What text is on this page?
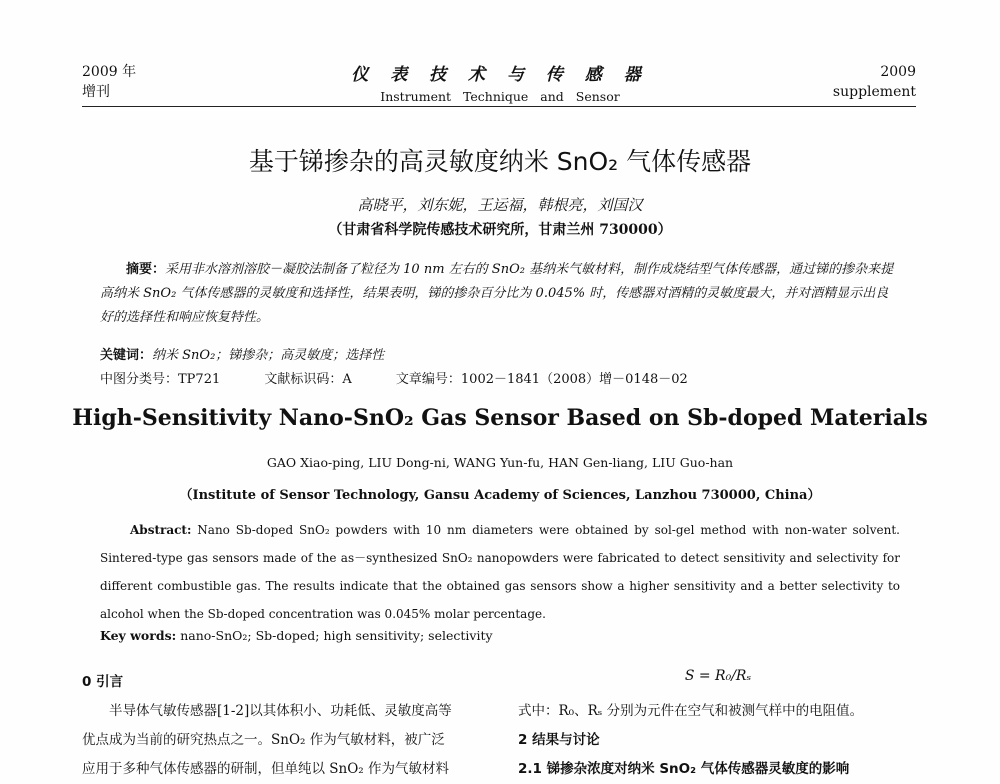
2009 年
增刊
仪 表 技 术 与 传 感 器
Instrument Technique and Sensor
2009
supplement
基于锑掺杂的高灵敏度纳米 SnO₂ 气体传感器
高晓平，刘东妮，王运福，韩根亮，刘国汉
（甘肃省科学院传感技术研究所，甘肃兰州 730000）
摘要：采用非水溶剂溶胶－凝胶法制备了粒径为 10 nm 左右的 SnO₂ 基纳米气敏材料，制作成烧结型气体传感器，通过锑的掺杂来提高纳米 SnO₂ 气体传感器的灵敏度和选择性，结果表明，锑的掺杂百分比为 0.045% 时，传感器对酒精的灵敏度最大，并对酒精显示出良好的选择性和响应恢复特性。
关键词：纳米 SnO₂；锑掺杂；高灵敏度；选择性
中图分类号：TP721	文献标识码：A	文章编号：1002－1841（2008）增－0148－02
High-Sensitivity Nano-SnO₂ Gas Sensor Based on Sb-doped Materials
GAO Xiao-ping, LIU Dong-ni, WANG Yun-fu, HAN Gen-liang, LIU Guo-han
（Institute of Sensor Technology, Gansu Academy of Sciences, Lanzhou 730000, China）
Abstract: Nano Sb-doped SnO₂ powders with 10 nm diameters were obtained by sol-gel method with non-water solvent. Sintered-type gas sensors made of the as－synthesized SnO₂ nanopowders were fabricated to detect sensitivity and selectivity for different combustible gas. The results indicate that the obtained gas sensors show a higher sensitivity and a better selectivity to alcohol when the Sb-doped concentration was 0.045% molar percentage.
Key words: nano-SnO₂; Sb-doped; high sensitivity; selectivity
0 引言
半导体气敏传感器[1-2]以其体积小、功耗低、灵敏度高等
优点成为当前的研究热点之一。SnO₂ 作为气敏材料，被广泛
应用于多种气体传感器的研制，但单纯以 SnO₂ 作为气敏材料
S = R₀/Rₛ
式中：R₀、Rₛ 分别为元件在空气和被测气样中的电阻值。
2 结果与讨论
2.1 锑掺杂浓度对纳米 SnO₂ 气体传感器灵敏度的影响
